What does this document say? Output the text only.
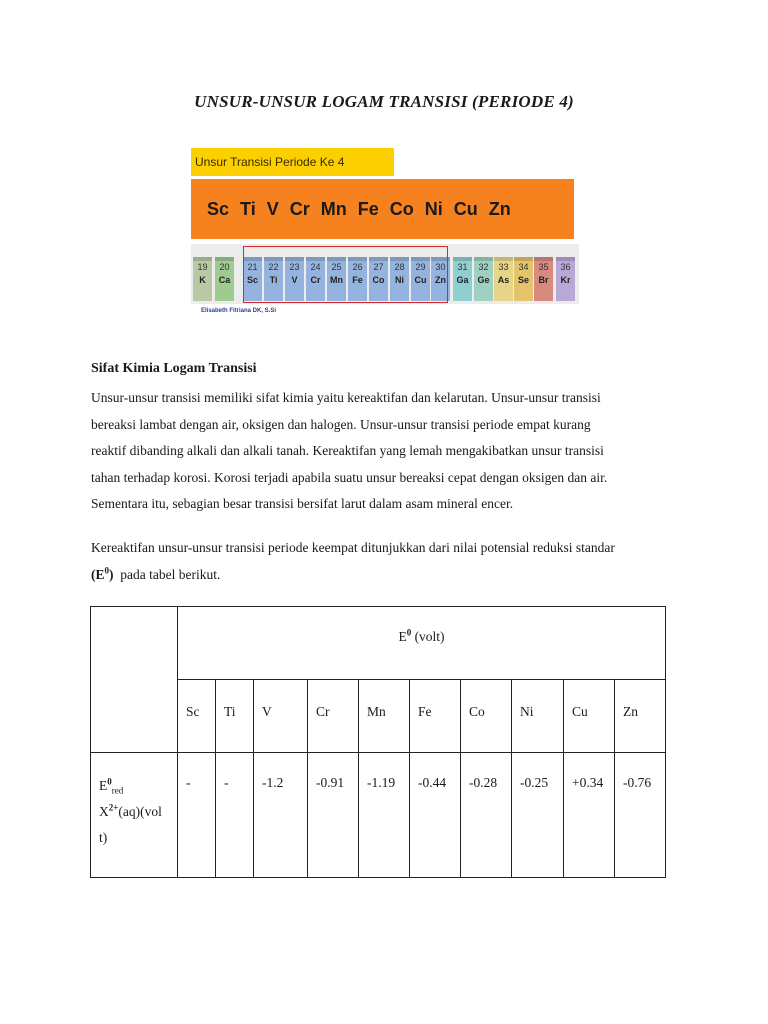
UNSUR-UNSUR LOGAM TRANSISI (PERIODE 4)
Unsur Transisi Periode Ke 4
Sc Ti V Cr Mn Fe Co Ni Cu Zn
19
K
20
Ca
21
Sc
22
Ti
23
V
24
Cr
25
Mn
26
Fe
27
Co
28
Ni
29
Cu
30
Zn
31
Ga
32
Ge
33
As
34
Se
35
Br
36
Kr
Elisabeth Fitriana DK, S.Si
Sifat Kimia Logam Transisi
Unsur-unsur transisi memiliki sifat kimia yaitu kereaktifan dan kelarutan. Unsur-unsur transisi
bereaksi lambat dengan air, oksigen dan halogen. Unsur-unsur transisi periode empat kurang
reaktif dibanding alkali dan alkali tanah. Kereaktifan yang lemah mengakibatkan unsur transisi
tahan terhadap korosi. Korosi terjadi apabila suatu unsur bereaksi cepat dengan oksigen dan air.
Sementara itu, sebagian besar transisi bersifat larut dalam asam mineral encer.
Kereaktifan unsur-unsur transisi periode keempat ditunjukkan dari nilai potensial reduksi standar
$(E^0)$  pada tabel berikut.
	$E^0$ (volt)									
	Sc	Ti	V	Cr	Mn	Fe	Co	Ni	Cu	Zn
$E^0_{red}$
$X^{2+}(aq)(vol$
t)	-	-	-1.2	-0.91	-1.19	-0.44	-0.28	-0.25	+0.34	-0.76
